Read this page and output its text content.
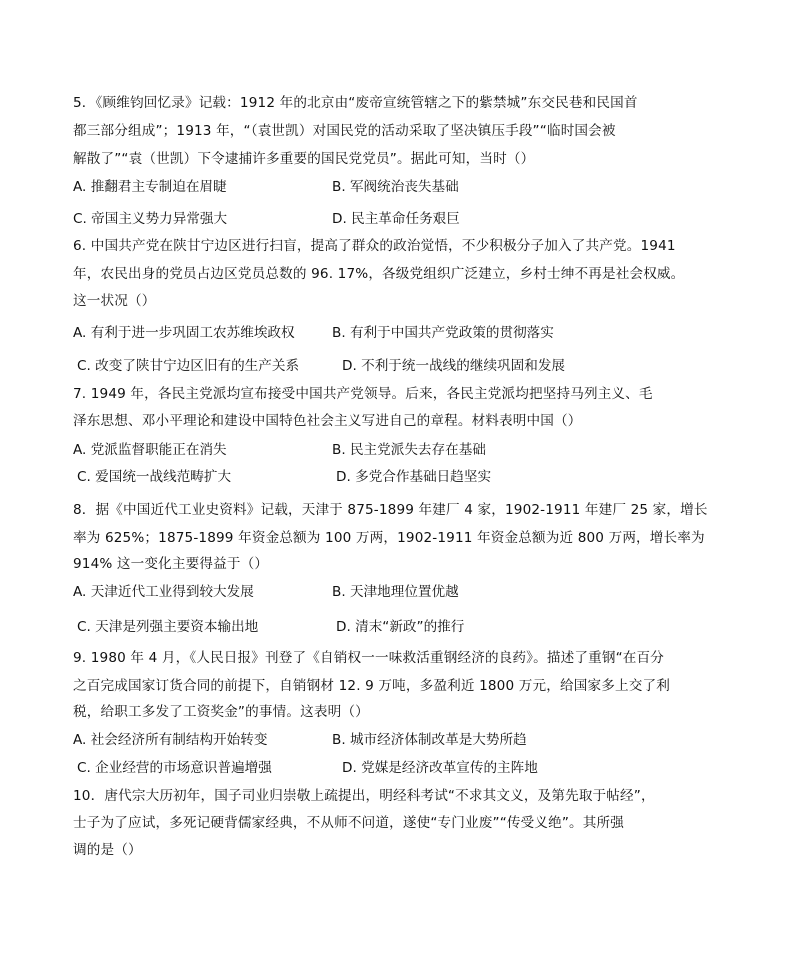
5．《顾维钧回忆录》记载：1912 年的北京由“废帝宣统管辖之下的紫禁城”东交民巷和民国首
都三部分组成”；1913 年，“（袁世凯）对国民党的活动采取了坚决镇压手段”“临时国会被
解散了”“袁（世凯）下令逮捕许多重要的国民党党员”。据此可知，当时（）
A. 推翻君主专制迫在眉睫	B. 军阀统治丧失基础
C. 帝国主义势力异常强大	D. 民主革命任务艰巨
6. 中国共产党在陕甘宁边区进行扫盲，提高了群众的政治觉悟，不少积极分子加入了共产党。1941
年，农民出身的党员占边区党员总数的 96. 17%，各级党组织广泛建立，乡村士绅不再是社会权威。
这一状况（）
A. 有利于进一步巩固工农苏维埃政权	B. 有利于中国共产党政策的贯彻落实
C. 改变了陕甘宁边区旧有的生产关系	D. 不利于统一战线的继续巩固和发展
7. 1949 年，各民主党派均宣布接受中国共产党领导。后来，各民主党派均把坚持马列主义、毛
泽东思想、邓小平理论和建设中国特色社会主义写进自己的章程。材料表明中国（）
A. 党派监督职能正在消失	B. 民主党派失去存在基础
C. 爱国统一战线范畴扩大	D. 多党合作基础日趋坚实
8．据《中国近代工业史资料》记载，天津于 875-1899 年建厂 4 家，1902-1911 年建厂 25 家，增长
率为 625%；1875-1899 年资金总额为 100 万两，1902-1911 年资金总额为近 800 万两，增长率为
914% 这一变化主要得益于（）
A. 天津近代工业得到较大发展	B. 天津地理位置优越
C. 天津是列强主要资本输出地	D. 清末“新政”的推行
9. 1980 年 4 月，《人民日报》刊登了《自销权一一味救活重钢经济的良药》。描述了重钢“在百分
之百完成国家订货合同的前提下，自销钢材 12. 9 万吨，多盈利近 1800 万元，给国家多上交了利
税，给职工多发了工资奖金”的事情。这表明（）
A. 社会经济所有制结构开始转变	B. 城市经济体制改革是大势所趋
C. 企业经营的市场意识普遍增强	D. 党媒是经济改革宣传的主阵地
10．唐代宗大历初年，国子司业归崇敬上疏提出，明经科考试“不求其文义，及第先取于帖经”，
士子为了应试，多死记硬背儒家经典，不从师不问道，遂使“专门业废”“传受义绝”。其所强
调的是（）
